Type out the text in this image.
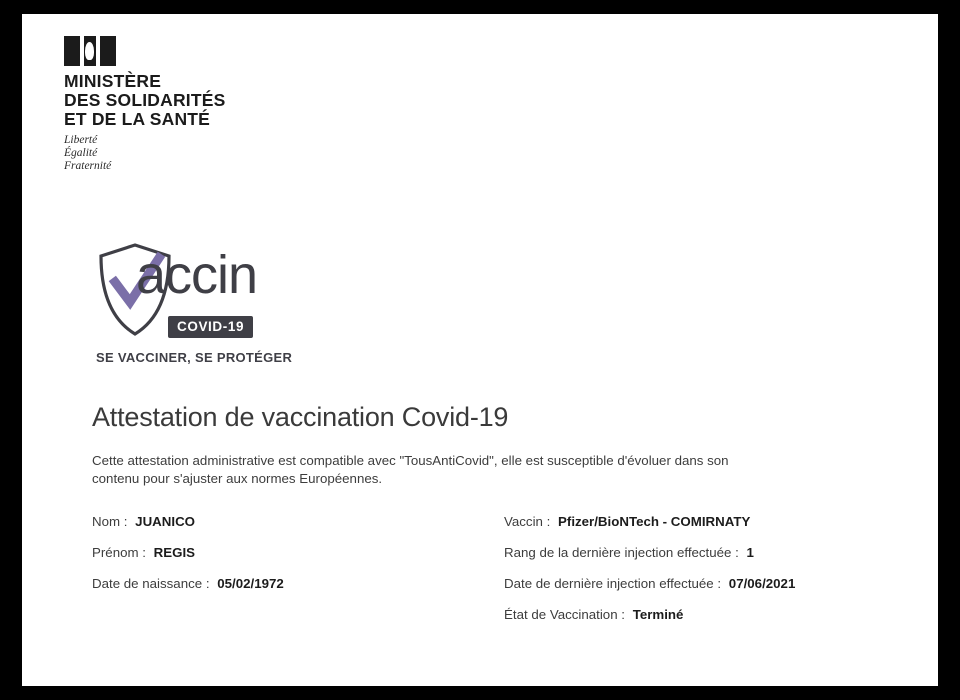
MINISTÈRE
DES SOLIDARITÉS
ET DE LA SANTÉ
Liberté
Égalité
Fraternité
accin
COVID-19
SE VACCINER, SE PROTÉGER
Attestation de vaccination Covid-19
Cette attestation administrative est compatible avec "TousAntiCovid", elle est susceptible d'évoluer dans son contenu pour s'ajuster aux normes Européennes.
Nom : JUANICO
Prénom : REGIS
Date de naissance : 05/02/1972
Vaccin : Pfizer/BioNTech - COMIRNATY
Rang de la dernière injection effectuée : 1
Date de dernière injection effectuée : 07/06/2021
État de Vaccination : Terminé
